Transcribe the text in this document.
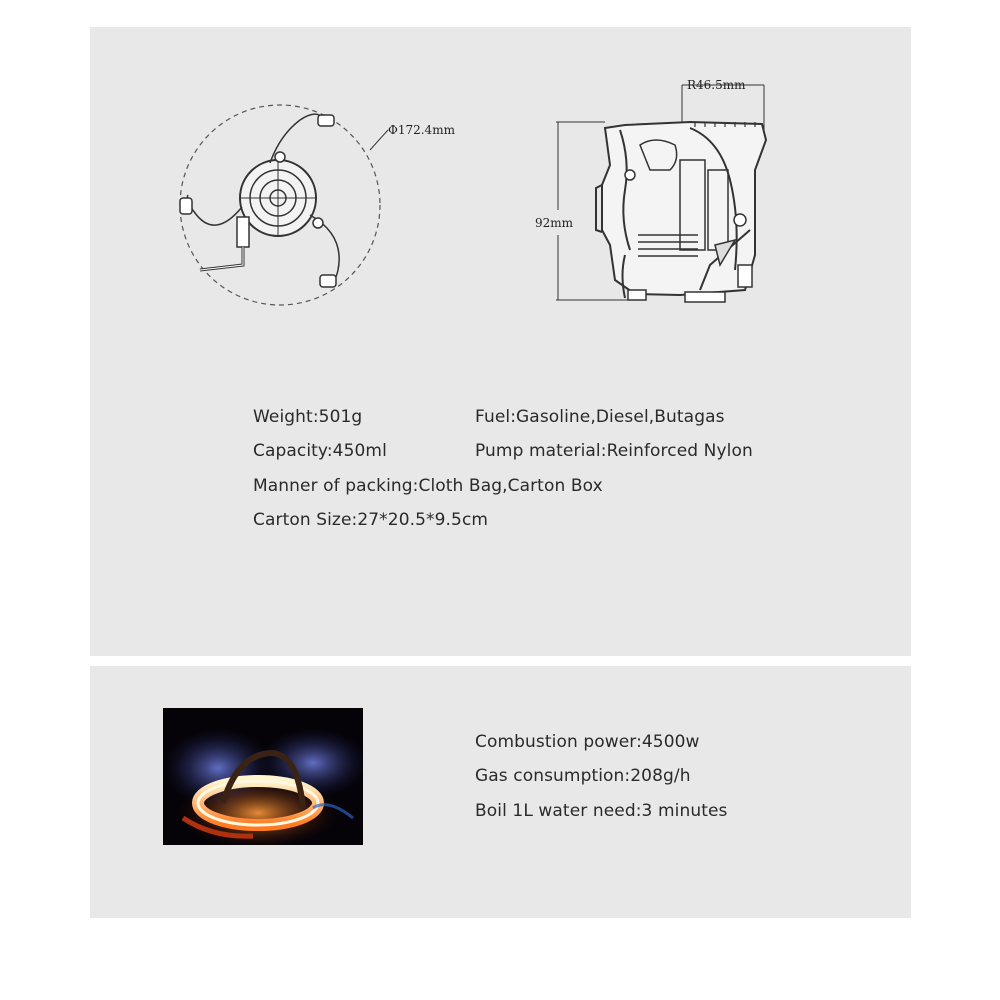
Φ172.4mm
R46.5mm
92mm
Weight:501g	Fuel:Gasoline,Diesel,Butagas
Capacity:450ml	Pump material:Reinforced Nylon
Manner of packing:Cloth Bag,Carton Box
Carton Size:27*20.5*9.5cm
Combustion power:4500w
Gas consumption:208g/h
Boil 1L water need:3 minutes
